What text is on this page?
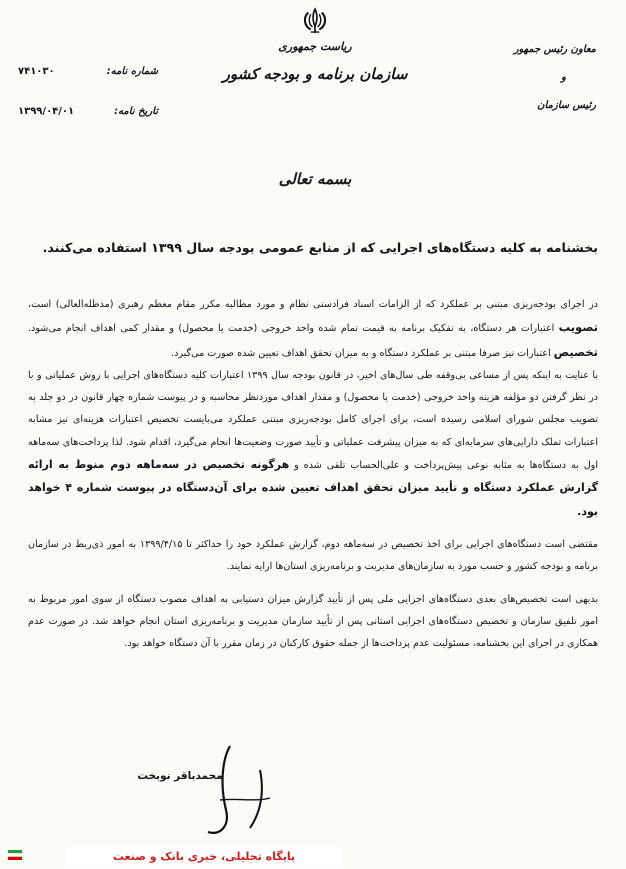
معاون رئیس جمهور
و
رئیس سازمان
ریاست جمهوری
سازمان برنامه و بودجه کشور
شماره نامه:
۷۴۱۰۳۰
تاریخ نامه:
۱۳۹۹/۰۴/۰۱
بسمه تعالی
بخشنامه به کلیه دستگاه‌های اجرایی که از منابع عمومی بودجه سال ۱۳۹۹ استفاده می‌کنند.

در اجرای بودجه‌ریزی مبتنی بر عملکرد که از الزامات اسناد فرادستی نظام و مورد مطالبه مکرر مقام معظم رهبری (مدظله‌العالی) است، تصویب اعتبارات هر دستگاه، به تفکیک برنامه به قیمت تمام شده واحد خروجی (خدمت یا محصول) و مقدار کمی اهداف انجام می‌شود. تخصیص اعتبارات نیز صرفا مبتنی بر عملکرد دستگاه و به میزان تحقق اهداف تعیین شده صورت می‌گیرد.

با عنایت به اینکه پس از مساعی بی‌وقفه طی سال‌های اخیر، در قانون بودجه سال ۱۳۹۹ اعتبارات کلیه دستگاه‌های اجرایی با روش عملیاتی و با در نظر گرفتن دو مؤلفه هزینه واحد خروجی (خدمت یا محصول) و مقدار اهداف موردنظر محاسبه و در پیوست شماره چهار قانون در دو جلد به تصویب مجلس شورای اسلامی رسیده است، برای اجرای کامل بودجه‌ریزی مبتنی عملکرد می‌بایست تخصیص اعتبارات هزینه‌ای نیز مشابه اعتبارات تملک دارایی‌های سرمایه‌ای که به میزان پیشرفت عملیاتی و تأیید صورت وضعیت‌ها انجام می‌گیرد، اقدام شود. لذا پرداخت‌های سه‌ماهه اول به دستگاه‌ها به مثابه نوعی پیش‌پرداخت و علی‌الحساب تلقی شده و هرگونه تخصیص در سه‌ماهه دوم منوط به ارائه گزارش عملکرد دستگاه و تأیید میزان تحقق اهداف تعیین شده برای آن‌دستگاه در پیوست شماره ۴ خواهد بود.

مقتضی است دستگاه‌های اجرایی برای اخذ تخصیص در سه‌ماهه دوم، گزارش عملکرد خود را حداکثر تا ۱۳۹۹/۴/۱۵ به امور ذی‌ربط در سازمان برنامه و بودجه کشور و حسب مورد به سازمان‌های مدیریت و برنامه‌ریزی استان‌ها ارایه نمایند.

بدیهی است تخصیص‌های بعدی دستگاه‌های اجرایی ملی پس از تأیید گزارش میزان دستیابی به اهداف مصوب دستگاه از سوی امور مربوط به امور تلفیق سازمان و تخصیص دستگاه‌های اجرایی استانی پس از تأیید سازمان مدیریت و برنامه‌ریزی استان انجام خواهد شد. در صورت عدم همکاری در اجرای این بخشنامه، مسئولیت عدم پرداخت‌ها از جمله حقوق کارکنان در زمان مقرر با آن دستگاه خواهد بود.

محمدباقر نوبخت
پایگاه تحلیلی، خبری بانک و صنعت
